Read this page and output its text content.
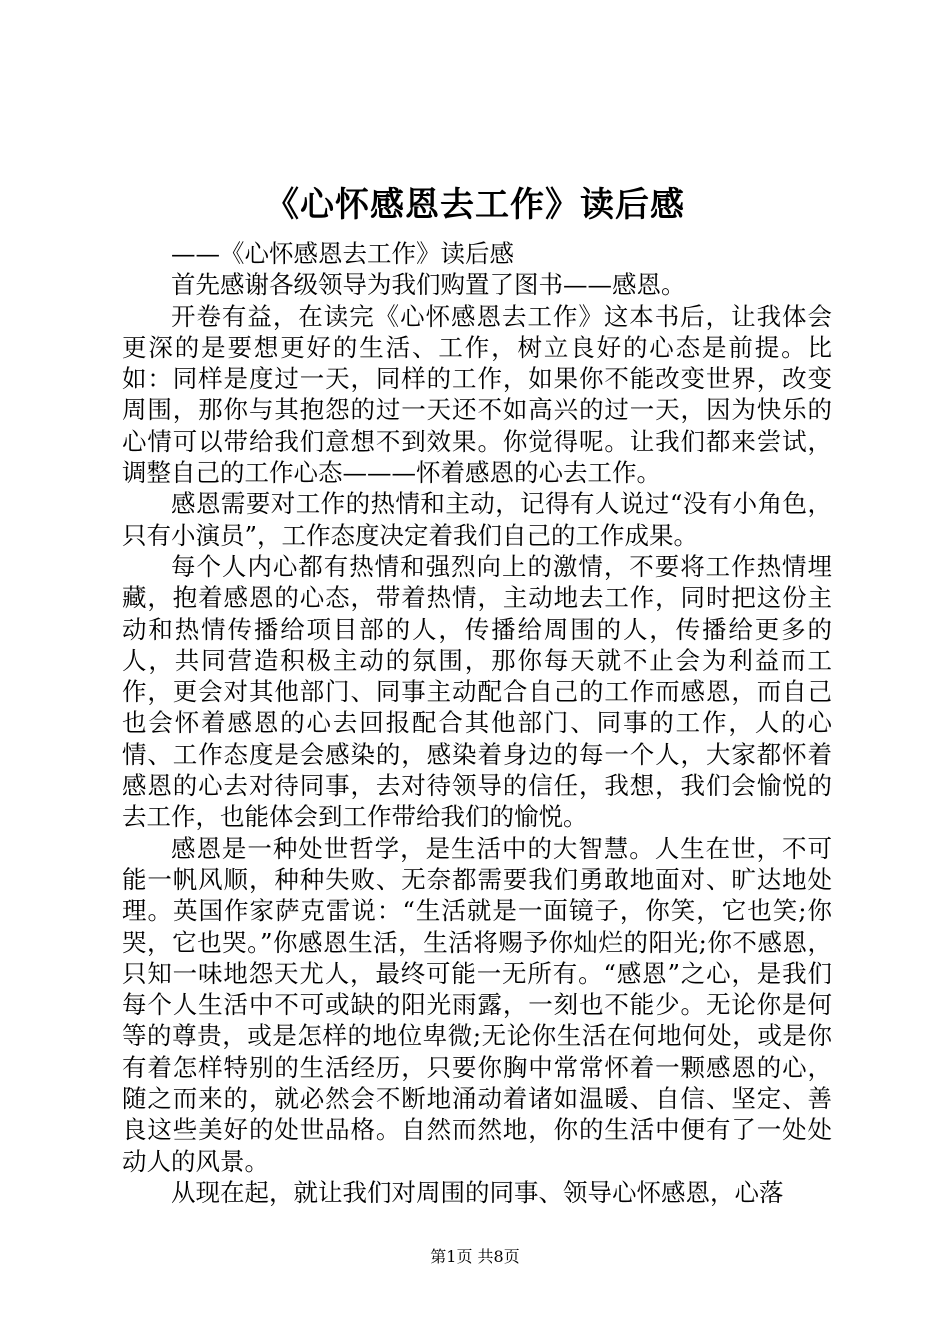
《心怀感恩去工作》读后感

——《心怀感恩去工作》读后感

首先感谢各级领导为我们购置了图书——感恩。

开卷有益，在读完《心怀感恩去工作》这本书后，让我体会更深的是要想更好的生活、工作，树立良好的心态是前提。比如：同样是度过一天，同样的工作，如果你不能改变世界，改变周围，那你与其抱怨的过一天还不如高兴的过一天，因为快乐的心情可以带给我们意想不到效果。你觉得呢。让我们都来尝试，调整自己的工作心态———怀着感恩的心去工作。

感恩需要对工作的热情和主动，记得有人说过“没有小角色，只有小演员”，工作态度决定着我们自己的工作成果。

每个人内心都有热情和强烈向上的激情，不要将工作热情埋藏，抱着感恩的心态，带着热情，主动地去工作，同时把这份主动和热情传播给项目部的人，传播给周围的人，传播给更多的人，共同营造积极主动的氛围，那你每天就不止会为利益而工作，更会对其他部门、同事主动配合自己的工作而感恩，而自己也会怀着感恩的心去回报配合其他部门、同事的工作，人的心情、工作态度是会感染的，感染着身边的每一个人，大家都怀着感恩的心去对待同事，去对待领导的信任，我想，我们会愉悦的去工作，也能体会到工作带给我们的愉悦。

感恩是一种处世哲学，是生活中的大智慧。人生在世，不可能一帆风顺，种种失败、无奈都需要我们勇敢地面对、旷达地处理。英国作家萨克雷说：“生活就是一面镜子，你笑，它也笑;你哭，它也哭。”你感恩生活，生活将赐予你灿烂的阳光;你不感恩，只知一味地怨天尤人，最终可能一无所有。“感恩”之心，是我们每个人生活中不可或缺的阳光雨露，一刻也不能少。无论你是何等的尊贵，或是怎样的地位卑微;无论你生活在何地何处，或是你有着怎样特别的生活经历，只要你胸中常常怀着一颗感恩的心，随之而来的，就必然会不断地涌动着诸如温暖、自信、坚定、善良这些美好的处世品格。自然而然地，你的生活中便有了一处处动人的风景。

从现在起，就让我们对周围的同事、领导心怀感恩，心落

第1页 共8页
